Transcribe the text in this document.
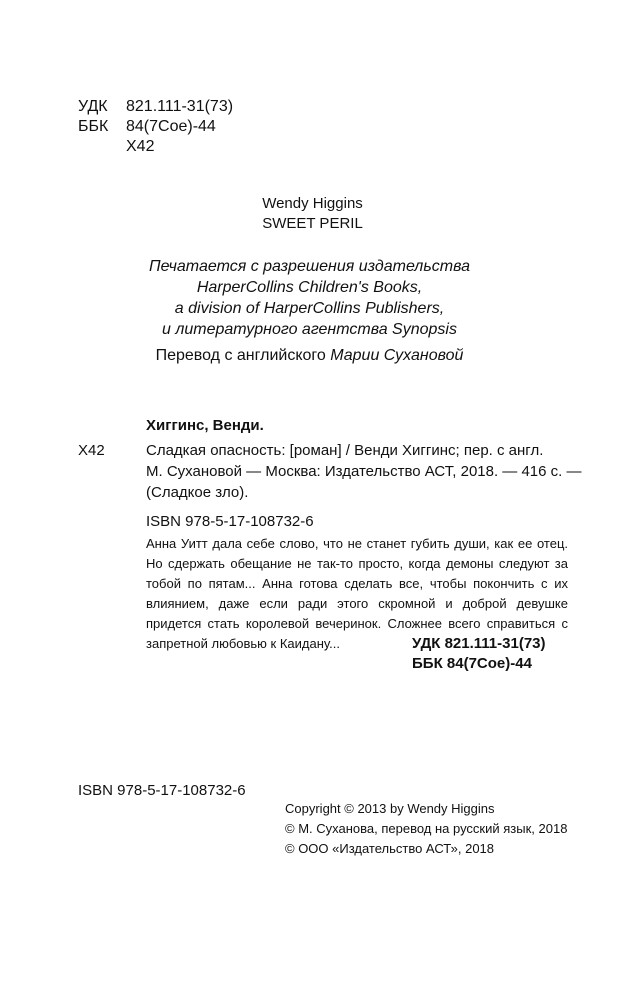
УДК	821.111-31(73)
ББК	84(7Сое)-44
Х42
Wendy Higgins
SWEET PERIL
Печатается с разрешения издательства
HarperCollins Children's Books,
a division of HarperCollins Publishers,
и литературного агентства Synopsis
Перевод с английского Марии Сухановой
Хиггинс, Венди.
Х42	Сладкая опасность: [роман] / Венди Хиггинс; пер. с англ.
М. Сухановой — Москва: Издательство АСТ, 2018. — 416 с. —
(Сладкое зло).
ISBN 978-5-17-108732-6
Анна Уитт дала себе слово, что не станет губить души, как ее отец. Но сдержать обещание не так-то просто, когда демоны следуют за тобой по пятам... Анна готова сделать все, чтобы покончить с их влиянием, даже если ради этого скромной и доброй девушке придется стать королевой вечеринок. Сложнее всего справиться с запретной любовью к Каидану...	УДК 821.111-31(73)
ББК 84(7Сое)-44
ISBN 978-5-17-108732-6
Copyright © 2013 by Wendy Higgins
© М. Суханова, перевод на русский язык, 2018
© ООО «Издательство АСТ», 2018
